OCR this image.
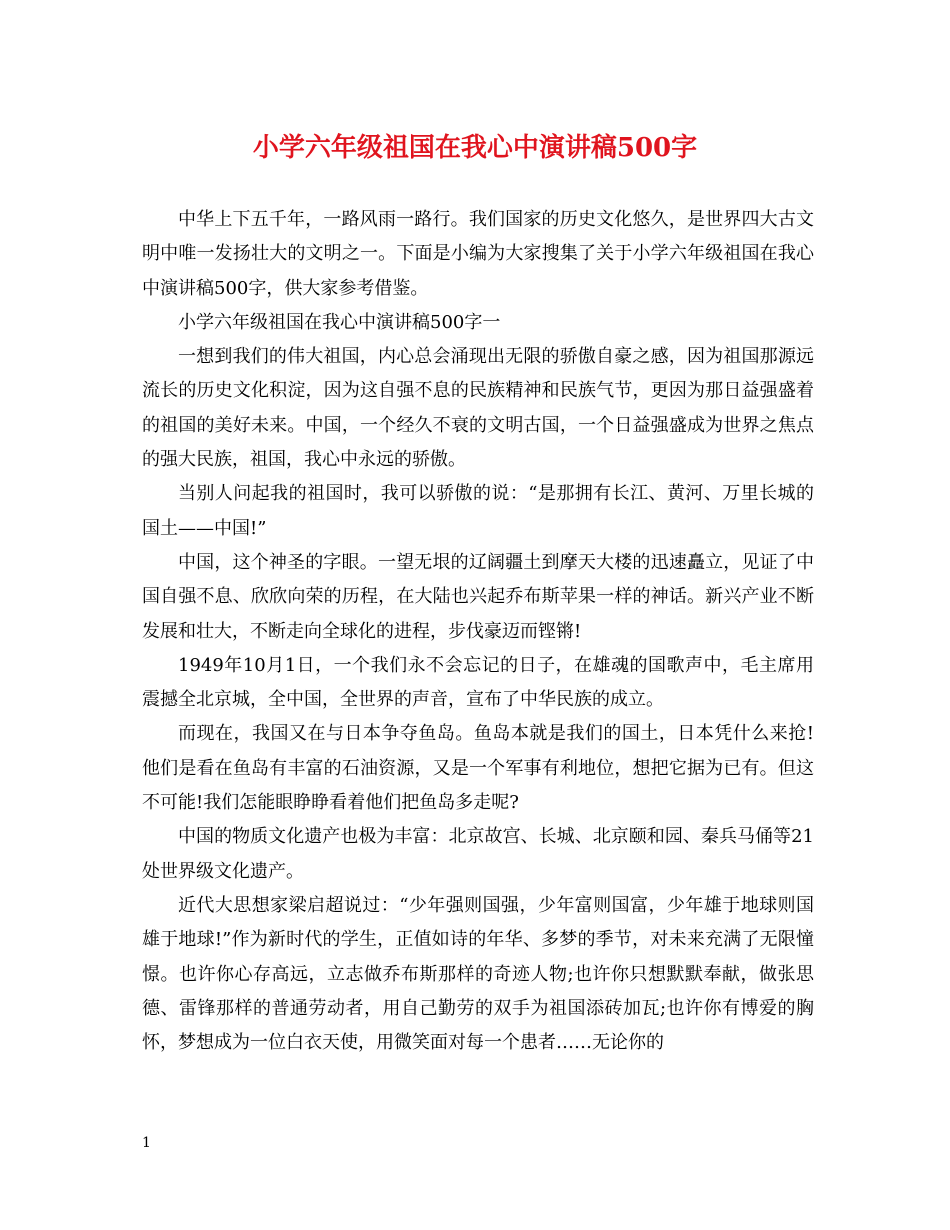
小学六年级祖国在我心中演讲稿500字

中华上下五千年，一路风雨一路行。我们国家的历史文化悠久，是世界四大古文明中唯一发扬壮大的文明之一。下面是小编为大家搜集了关于小学六年级祖国在我心中演讲稿500字，供大家参考借鉴。

小学六年级祖国在我心中演讲稿500字一

一想到我们的伟大祖国，内心总会涌现出无限的骄傲自豪之感，因为祖国那源远流长的历史文化积淀，因为这自强不息的民族精神和民族气节，更因为那日益强盛着的祖国的美好未来。中国，一个经久不衰的文明古国，一个日益强盛成为世界之焦点的强大民族，祖国，我心中永远的骄傲。

当别人问起我的祖国时，我可以骄傲的说：“是那拥有长江、黄河、万里长城的国土——中国!”

中国，这个神圣的字眼。一望无垠的辽阔疆土到摩天大楼的迅速矗立，见证了中国自强不息、欣欣向荣的历程，在大陆也兴起乔布斯苹果一样的神话。新兴产业不断发展和壮大，不断走向全球化的进程，步伐豪迈而铿锵!

1949年10月1日，一个我们永不会忘记的日子，在雄魂的国歌声中，毛主席用震撼全北京城，全中国，全世界的声音，宣布了中华民族的成立。

而现在，我国又在与日本争夺鱼岛。鱼岛本就是我们的国土，日本凭什么来抢!他们是看在鱼岛有丰富的石油资源，又是一个军事有利地位，想把它据为已有。但这不可能!我们怎能眼睁睁看着他们把鱼岛多走呢?

中国的物质文化遗产也极为丰富：北京故宫、长城、北京颐和园、秦兵马俑等21处世界级文化遗产。

近代大思想家梁启超说过：“少年强则国强，少年富则国富，少年雄于地球则国雄于地球!”作为新时代的学生，正值如诗的年华、多梦的季节，对未来充满了无限憧憬。也许你心存高远，立志做乔布斯那样的奇迹人物;也许你只想默默奉献，做张思德、雷锋那样的普通劳动者，用自己勤劳的双手为祖国添砖加瓦;也许你有博爱的胸怀，梦想成为一位白衣天使，用微笑面对每一个患者……无论你的

1
